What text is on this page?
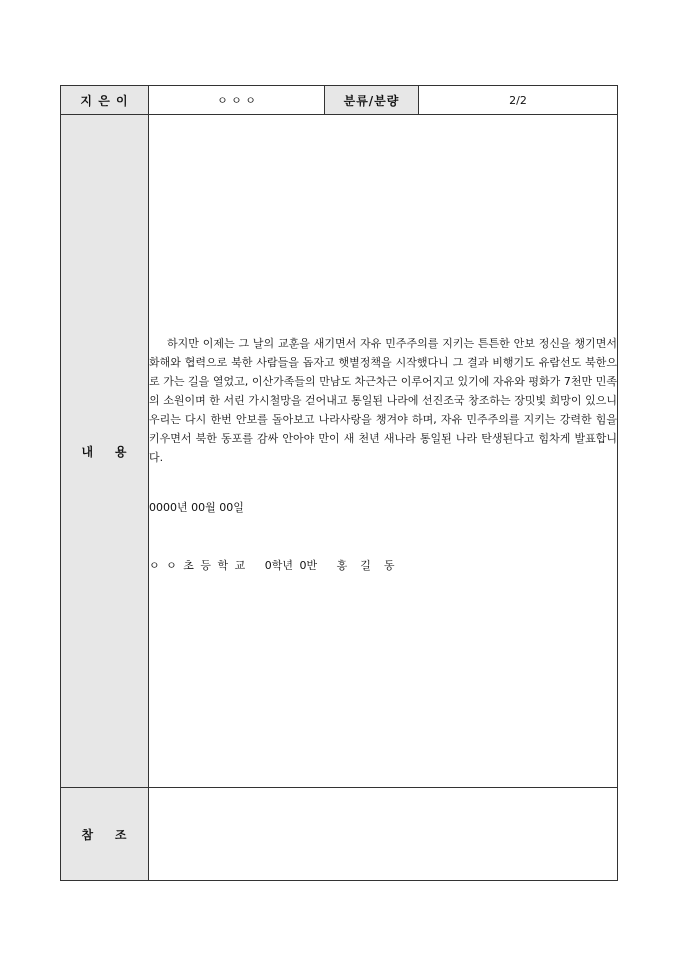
지 은 이	ㅇ ㅇ ㅇ	분류/분량	2/2
내    용	하지만 이제는 그 날의 교훈을 새기면서 자유 민주주의를 지키는 튼튼한 안보 정신을 챙기면서 화해와 협력으로 북한 사람들을 돕자고 햇볕정책을 시작했다니 그 결과 비행기도 유람선도 북한으로 가는 길을 열었고, 이산가족들의 만남도 차근차근 이루어지고 있기에 자유와 평화가 7천만 민족의 소원이며 한 서린 가시철망을 걷어내고 통일된 나라에 선진조국 창조하는 장밋빛 희망이 있으니 우리는 다시 한번 안보를 돌아보고 나라사랑을 챙겨야 하며, 자유 민주주의를 지키는 강력한 힘을 키우면서 북한 동포를 감싸 안아야 만이 새 천년 새나라 통일된 나라 탄생된다고 힘차게 발표합니다.

0000년 00월 00일
ㅇ ㅇ 초 등 학 교   0학년 0반   홍  길  동		

참    조			
